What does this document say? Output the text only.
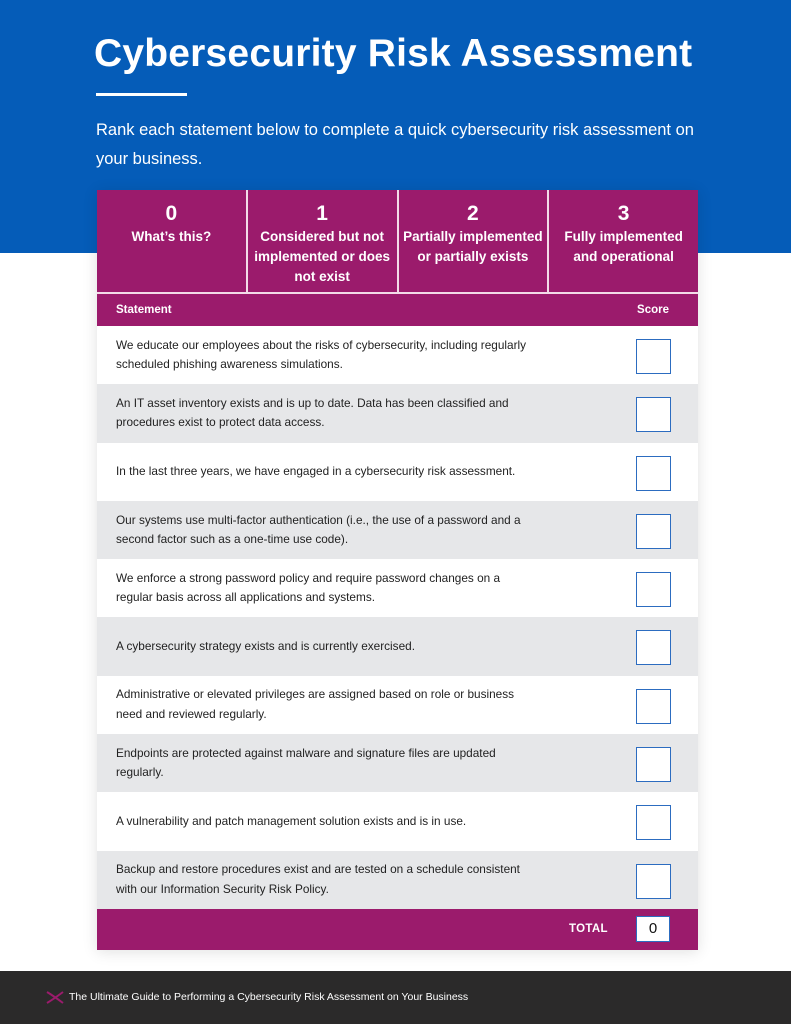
Cybersecurity Risk Assessment

Rank each statement below to complete a quick cybersecurity risk assessment on your business.

0
What’s this?
1
Considered but not implemented or does not exist
2
Partially implemented or partially exists
3
Fully implemented and operational
Statement	Score
We educate our employees about the risks of cybersecurity, including regularly scheduled phishing awareness simulations.
An IT asset inventory exists and is up to date. Data has been classified and procedures exist to protect data access.
In the last three years, we have engaged in a cybersecurity risk assessment.
Our systems use multi-factor authentication (i.e., the use of a password and a second factor such as a one-time use code).
We enforce a strong password policy and require password changes on a regular basis across all applications and systems.
A cybersecurity strategy exists and is currently exercised.
Administrative or elevated privileges are assigned based on role or business need and reviewed regularly.
Endpoints are protected against malware and signature files are updated regularly.
A vulnerability and patch management solution exists and is in use.
Backup and restore procedures exist and are tested on a schedule consistent with our Information Security Risk Policy.
TOTAL	0
The Ultimate Guide to Performing a Cybersecurity Risk Assessment on Your Business
